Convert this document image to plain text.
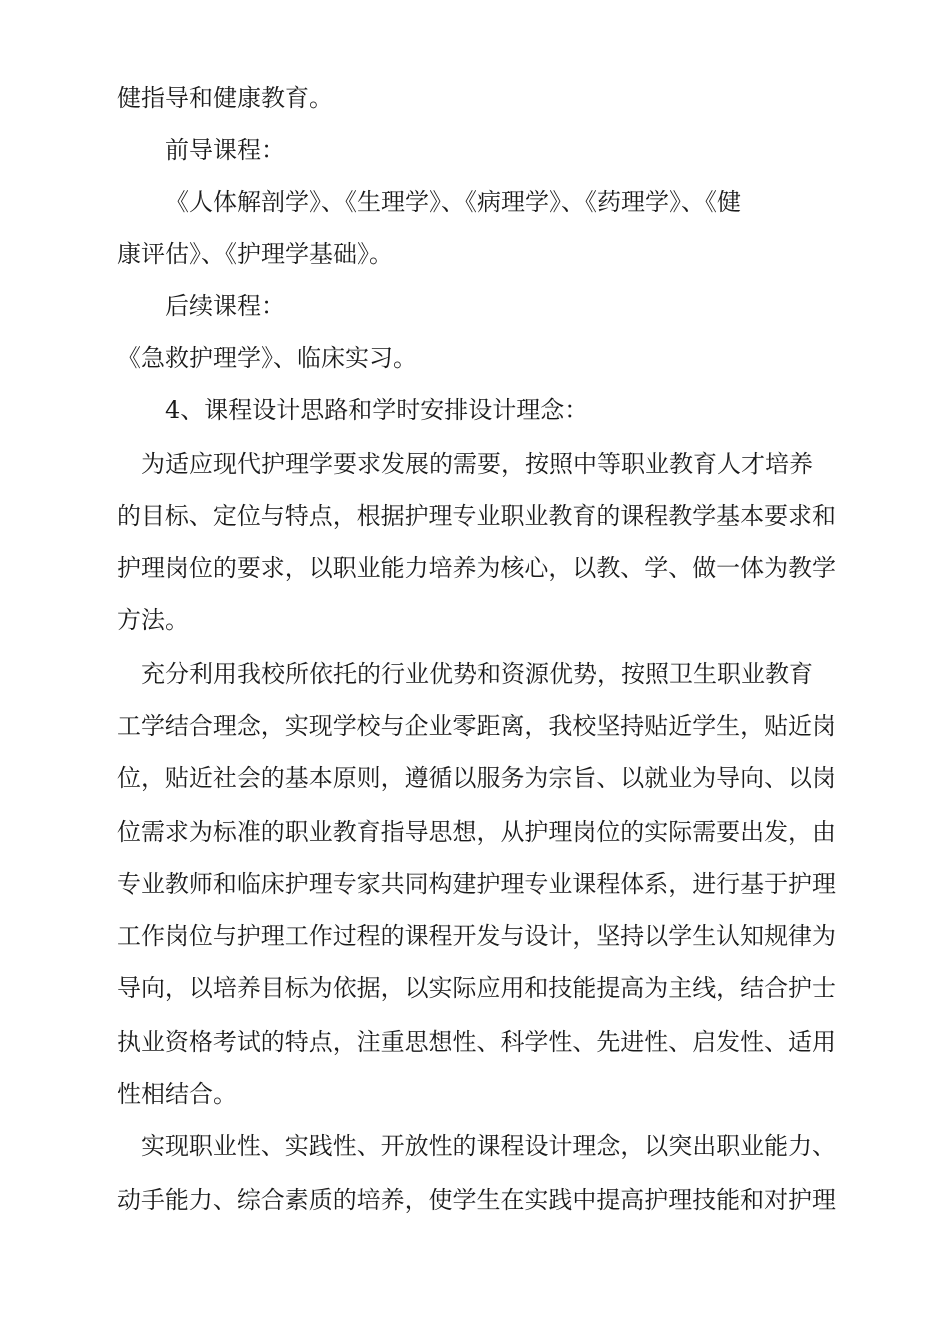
健指导和健康教育。
前导课程：
《人体解剖学》、《生理学》、《病理学》、《药理学》、《健
康评估》、《护理学基础》。
后续课程：
《急救护理学》、临床实习。
4、课程设计思路和学时安排设计理念：
为适应现代护理学要求发展的需要，按照中等职业教育人才培养
的目标、定位与特点，根据护理专业职业教育的课程教学基本要求和
护理岗位的要求，以职业能力培养为核心，以教、学、做一体为教学
方法。
充分利用我校所依托的行业优势和资源优势，按照卫生职业教育
工学结合理念，实现学校与企业零距离，我校坚持贴近学生，贴近岗
位，贴近社会的基本原则，遵循以服务为宗旨、以就业为导向、以岗
位需求为标准的职业教育指导思想，从护理岗位的实际需要出发，由
专业教师和临床护理专家共同构建护理专业课程体系，进行基于护理
工作岗位与护理工作过程的课程开发与设计，坚持以学生认知规律为
导向，以培养目标为依据，以实际应用和技能提高为主线，结合护士
执业资格考试的特点，注重思想性、科学性、先进性、启发性、适用
性相结合。
实现职业性、实践性、开放性的课程设计理念，以突出职业能力、
动手能力、综合素质的培养，使学生在实践中提高护理技能和对护理
